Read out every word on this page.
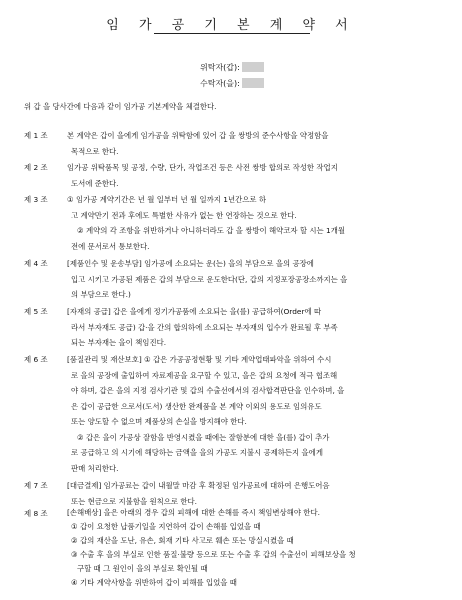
임 가 공 기 본 계 약 서
위탁자(갑):
수탁자(을):
위 갑 을 당사간에 다음과 같이 임가공 기본계약을 체결한다.
제 1 조	본 계약은 갑이 을에게 임가공을 위탁함에 있어 갑 을 쌍방의 준수사항을 약정함을
목적으로 한다.
제 2 조	임가공 위탁품목 및 공정, 수량, 단가, 작업조건 등은 사전 쌍방 합의로 작성한 작업지
도서에 준한다.
제 3 조	① 임가공 계약기간은 년 월 일부터 년 월 일까지 1년간으로 하
고 계약만기 전과 후에도 특별한 사유가 없는 한 연장하는 것으로 한다.
② 계약의 각 조항을 위반하거나 아니하더라도 갑 을 쌍방이 해약코자 할 시는 1개월
전에 문서로서 통보한다.
제 4 조	[제품인수 및 운송부담] 임가공에 소요되는 운(는) 을의 부담으로 을의 공장에
입고 시키고 가공된 제품은 갑의 부담으로 운도한다(단, 갑의 지정포장공장소까지는 을
의 부담으로 한다.)
제 5 조	[자재의 공급] 갑은 을에게 정기가공품에 소요되는 을(를) 공급하여(Order에 따
라서 부자재도 공급) 갑·을 간의 합의하에 소요되는 부자재의 입수가 완료될 후 부족
되는 부자재는 을이 책임진다.
제 6 조	[품질관리 및 재산보호] ① 갑은 가공공정현황 및 기타 계약업태파악을 위하여 수시
로 을의 공장에 출입하여 자료제공을 요구할 수 있고, 을은 갑의 요청에 적극 협조해
야 하며, 갑은 을의 지정 검사기관 및 갑의 수출선에서의 검사합격판단을 인수하며, 을
은 갑이 공급한 으로서(도서) 생산한 완제품을 본 계약 이외의 용도로 임의유도
또는 양도할 수 없으며 제품상의 손실을 방지해야 한다.
② 갑은 을이 가공상 잘함을 반영시켰을 때에는 잘함분에 대한 을(를) 갑이 추가
로 공급하고 의 시기에 해당하는 금액을 을의 가공도 지불시 공제하든지 을에게
판매 처리한다.
제 7 조	[대금결제] 임가공료는 갑이 내월말 마감 후 확정된 임가공료에 대하여 은행도어음
또는 현금으로 지불함을 원칙으로 한다.
제 8 조	[손해배상] 을은 아래의 경우 갑의 피해에 대한 손해를 즉시 책임변상해야 한다.
① 갑이 요청한 납품기일을 지연하여 갑이 손해를 입었을 때
② 갑의 재산을 도난, 유손, 회재 기타 사고로 훼손 또는 망실시켰을 때
③ 수출 후 을의 부실로 인한 품질·불량 등으로 또는 수출 후 갑의 수출선이 피해보상을 청
구할 때 그 원인이 을의 부실로 확인될 때
④ 기타 계약사항을 위반하여 갑이 피해를 입었을 때
